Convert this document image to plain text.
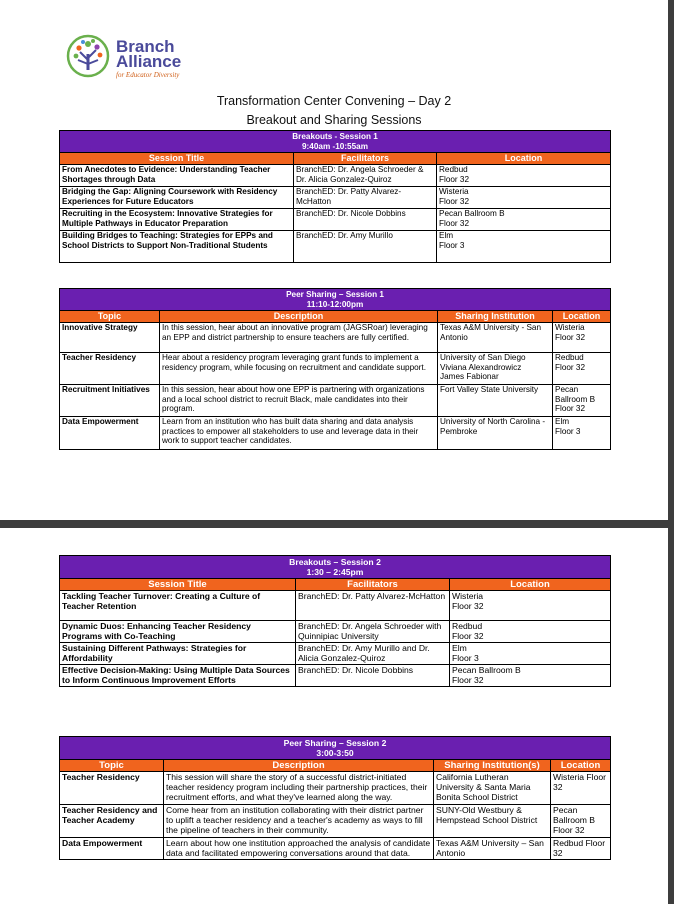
Branch
Alliance
for Educator Diversity
Transformation Center Convening – Day 2
Breakout and Sharing Sessions
Breakouts - Session 1
9:40am -10:55am		

Session Title	Facilitators	Location
From Anecdotes to Evidence: Understanding Teacher Shortages through Data	BranchED: Dr. Angela Schroeder & Dr. Alicia Gonzalez-Quiroz	Redbud
Floor 32
Bridging the Gap: Aligning Coursework with Residency Experiences for Future Educators	BranchED: Dr. Patty Alvarez-McHatton	Wisteria
Floor 32
Recruiting in the Ecosystem: Innovative Strategies for Multiple Pathways in Educator Preparation	BranchED: Dr. Nicole Dobbins	Pecan Ballroom B
Floor 32
Building Bridges to Teaching: Strategies for EPPs and School Districts to Support Non-Traditional Students	BranchED: Dr. Amy Murillo	Elm
Floor 3
Peer Sharing – Session 1
11:10-12:00pm			

Topic	Description	Sharing Institution	Location
Innovative Strategy	In this session, hear about an innovative program (JAGSRoar) leveraging an EPP and district partnership to ensure teachers are fully certified.	Texas A&M University - San Antonio	Wisteria
Floor 32
Teacher Residency	Hear about a residency program leveraging grant funds to implement a residency program, while focusing on recruitment and candidate support.	University of San Diego
Viviana Alexandrowicz
James Fabionar	Redbud
Floor 32
Recruitment Initiatives	In this session, hear about how one EPP is partnering with organizations and a local school district to recruit Black, male candidates into their program.	Fort Valley State University	Pecan
Ballroom B
Floor 32
Data Empowerment	Learn from an institution who has built data sharing and data analysis practices to empower all stakeholders to use and leverage data in their work to support teacher candidates.	University of North Carolina - Pembroke	Elm
Floor 3
Breakouts – Session 2
1:30 – 2:45pm		

Session Title	Facilitators	Location
Tackling Teacher Turnover: Creating a Culture of Teacher Retention	BranchED: Dr. Patty Alvarez-McHatton	Wisteria
Floor 32
Dynamic Duos: Enhancing Teacher Residency Programs with Co-Teaching	BranchED: Dr. Angela Schroeder with Quinnipiac University	Redbud
Floor 32
Sustaining Different Pathways: Strategies for Affordability	BranchED: Dr. Amy Murillo and Dr. Alicia Gonzalez-Quiroz	Elm
Floor 3
Effective Decision-Making: Using Multiple Data Sources to Inform Continuous Improvement Efforts	BranchED: Dr. Nicole Dobbins	Pecan Ballroom B
Floor 32
Peer Sharing – Session 2
3:00-3:50			

Topic	Description	Sharing Institution(s)	Location
Teacher Residency	This session will share the story of a successful district-initiated teacher residency program including their partnership practices, their recruitment efforts, and what they've learned along the way.	California Lutheran University & Santa Maria Bonita School District	Wisteria Floor 32
Teacher Residency and Teacher Academy	Come hear from an institution collaborating with their district partner to uplift a teacher residency and a teacher's academy as ways to fill the pipeline of teachers in their community.	SUNY-Old Westbury & Hempstead School District	Pecan Ballroom B Floor 32
Data Empowerment	Learn about how one institution approached the analysis of candidate data and facilitated empowering conversations around that data.	Texas A&M University – San Antonio	Redbud Floor 32
